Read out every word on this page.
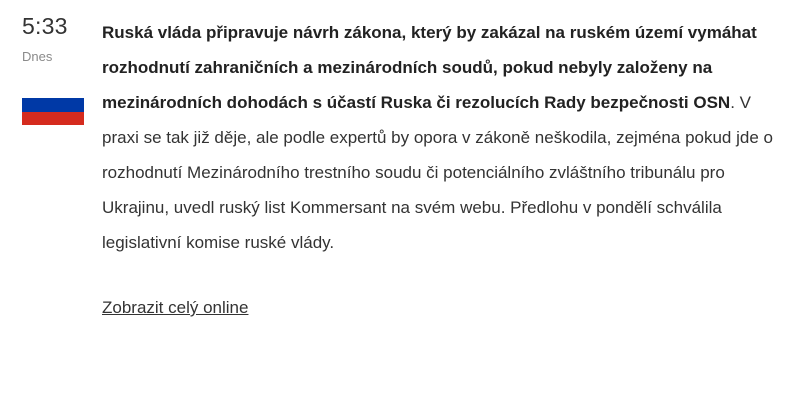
5:33
Dnes

Ruská vláda připravuje návrh zákona, který by zakázal na ruském území vymáhat rozhodnutí zahraničních a mezinárodních soudů, pokud nebyly založeny na mezinárodních dohodách s účastí Ruska či rezolucích Rady bezpečnosti OSN. V praxi se tak již děje, ale podle expertů by opora v zákoně neškodila, zejména pokud jde o rozhodnutí Mezinárodního trestního soudu či potenciálního zvláštního tribunálu pro Ukrajinu, uvedl ruský list Kommersant na svém webu. Předlohu v pondělí schválila legislativní komise ruské vlády.

Zobrazit celý online
